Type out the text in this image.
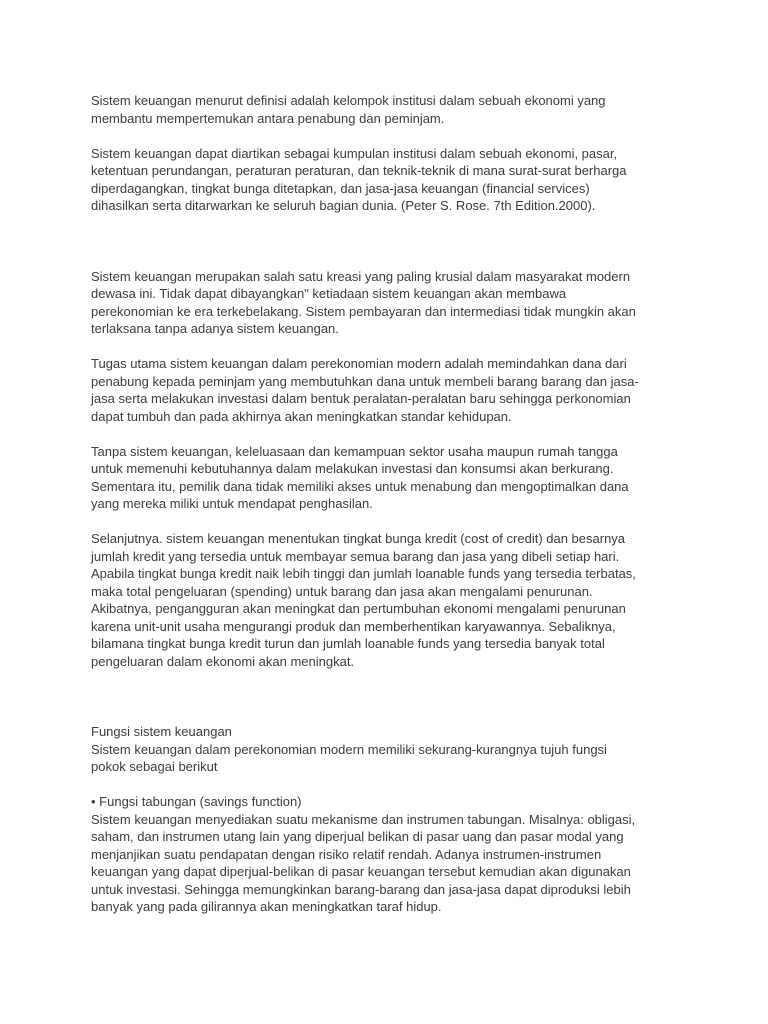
Sistem keuangan menurut definisi adalah kelompok institusi dalam sebuah ekonomi yang
membantu mempertemukan antara penabung dan peminjam.

Sistem keuangan dapat diartikan sebagai kumpulan institusi dalam sebuah ekonomi, pasar,
ketentuan perundangan, peraturan peraturan, dan teknik-teknik di mana surat-surat berharga
diperdagangkan, tingkat bunga ditetapkan, dan jasa-jasa keuangan (financial services)
dihasilkan serta ditarwarkan ke seluruh bagian dunia. (Peter S. Rose. 7th Edition.2000).

Sistem keuangan merupakan salah satu kreasi yang paling krusial dalam masyarakat modern
dewasa ini. Tidak dapat dibayangkan" ketiadaan sistem keuangan akan membawa
perekonomian ke era terkebelakang. Sistem pembayaran dan intermediasi tidak mungkin akan
terlaksana tanpa adanya sistem keuangan.

Tugas utama sistem keuangan dalam perekonomian modern adalah memindahkan dana dari
penabung kepada peminjam yang membutuhkan dana untuk membeli barang barang dan jasa-
jasa serta melakukan investasi dalam bentuk peralatan-peralatan baru sehingga perkonomian
dapat tumbuh dan pada akhirnya akan meningkatkan standar kehidupan.

Tanpa sistem keuangan, keleluasaan dan kemampuan sektor usaha maupun rumah tangga
untuk memenuhi kebutuhannya dalam melakukan investasi dan konsumsi akan berkurang.
Sementara itu, pemilik dana tidak memiliki akses untuk menabung dan mengoptimalkan dana
yang mereka miliki untuk mendapat penghasilan.

Selanjutnya. sistem keuangan menentukan tingkat bunga kredit (cost of credit) dan besarnya
jumlah kredit yang tersedia untuk membayar semua barang dan jasa yang dibeli setiap hari.
Apabila tingkat bunga kredit naik lebih tinggi dan jumlah loanable funds yang tersedia terbatas,
maka total pengeluaran (spending) untuk barang dan jasa akan mengalami penurunan.
Akibatnya, pengangguran akan meningkat dan pertumbuhan ekonomi mengalami penurunan
karena unit-unit usaha mengurangi produk dan memberhentikan karyawannya. Sebaliknya,
bilamana tingkat bunga kredit turun dan jumlah loanable funds yang tersedia banyak total
pengeluaran dalam ekonomi akan meningkat.

Fungsi sistem keuangan
Sistem keuangan dalam perekonomian modern memiliki sekurang-kurangnya tujuh fungsi
pokok sebagai berikut

• Fungsi tabungan (savings function)
Sistem keuangan menyediakan suatu mekanisme dan instrumen tabungan. Misalnya: obligasi,
saham, dan instrumen utang lain yang diperjual belikan di pasar uang dan pasar modal yang
menjanjikan suatu pendapatan dengan risiko relatif rendah. Adanya instrumen-instrumen
keuangan yang dapat diperjual-belikan di pasar keuangan tersebut kemudian akan digunakan
untuk investasi. Sehingga memungkinkan barang-barang dan jasa-jasa dapat diproduksi lebih
banyak yang pada gilirannya akan meningkatkan taraf hidup.
